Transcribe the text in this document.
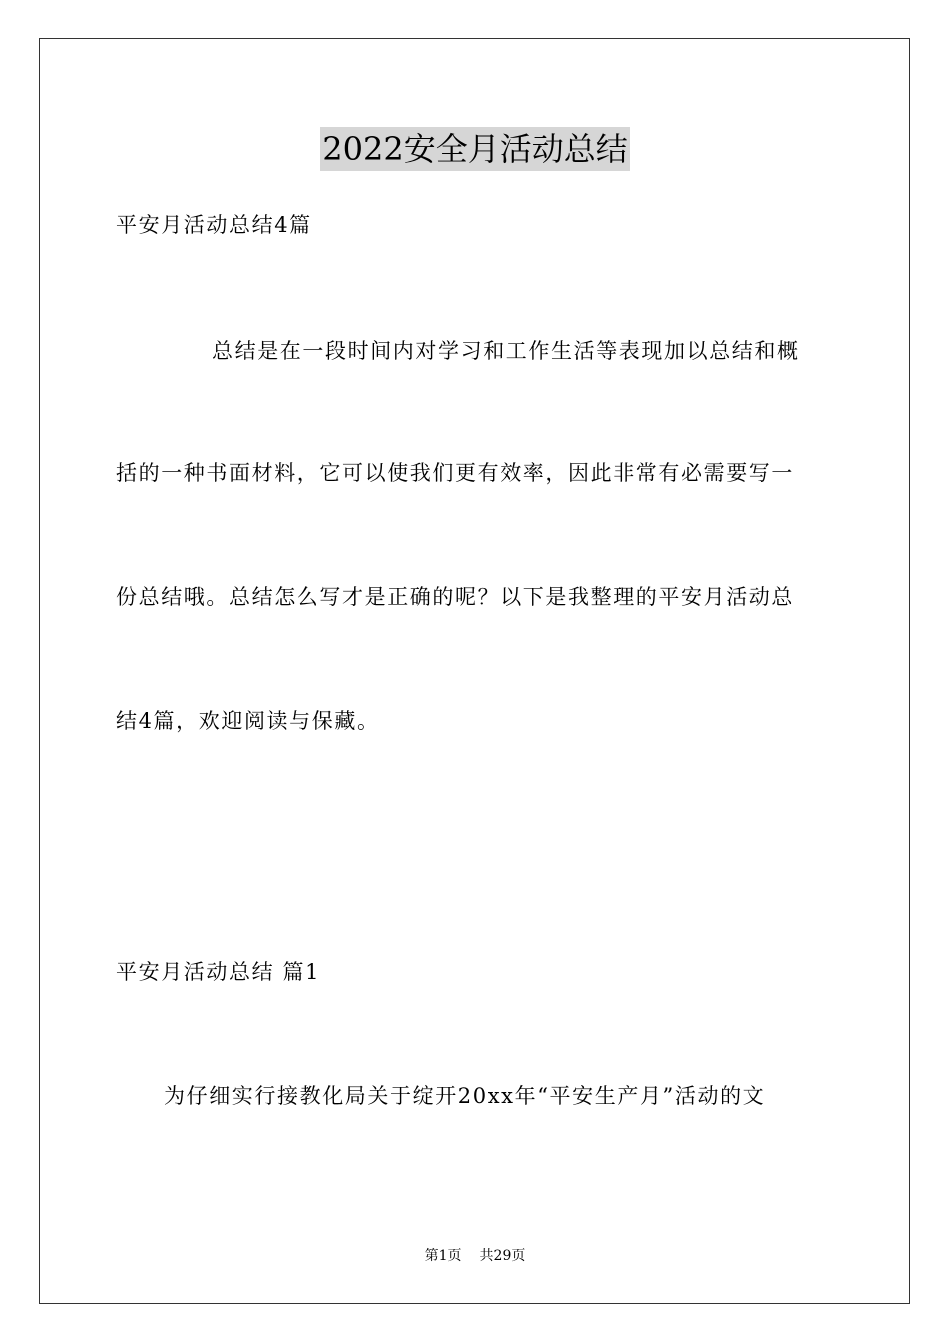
2022安全月活动总结
平安月活动总结4篇
总结是在一段时间内对学习和工作生活等表现加以总结和概
括的一种书面材料，它可以使我们更有效率，因此非常有必需要写一
份总结哦。总结怎么写才是正确的呢？以下是我整理的平安月活动总
结4篇，欢迎阅读与保藏。
平安月活动总结 篇1
为仔细实行接教化局关于绽开20xx年“平安生产月”活动的文
第1页 共29页
